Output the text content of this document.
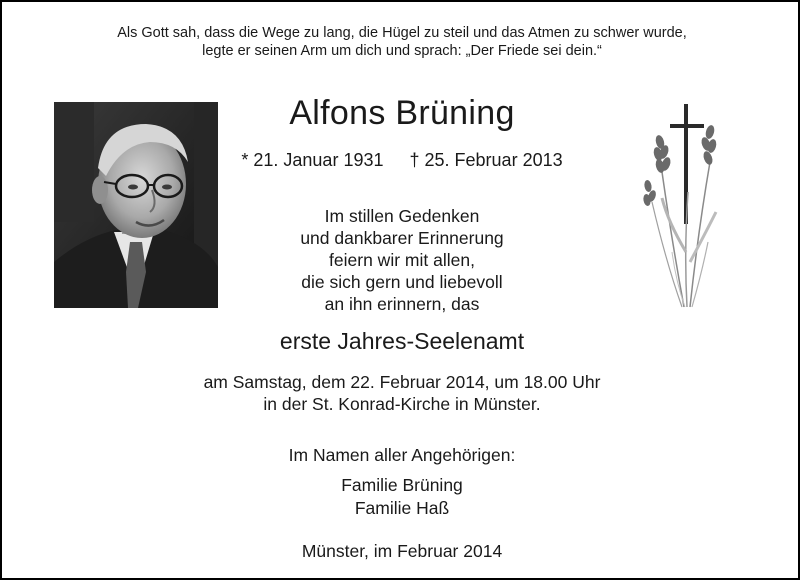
Als Gott sah, dass die Wege zu lang, die Hügel zu steil und das Atmen zu schwer wurde,
legte er seinen Arm um dich und sprach: „Der Friede sei dein.“
Alfons Brüning
* 21. Januar 1931 † 25. Februar 2013
Im stillen Gedenken
und dankbarer Erinnerung
feiern wir mit allen,
die sich gern und liebevoll
an ihn erinnern, das
erste Jahres-Seelenamt
am Samstag, dem 22. Februar 2014, um 18.00 Uhr
in der St. Konrad-Kirche in Münster.
Im Namen aller Angehörigen:
Familie Brüning
Familie Haß
Münster, im Februar 2014
